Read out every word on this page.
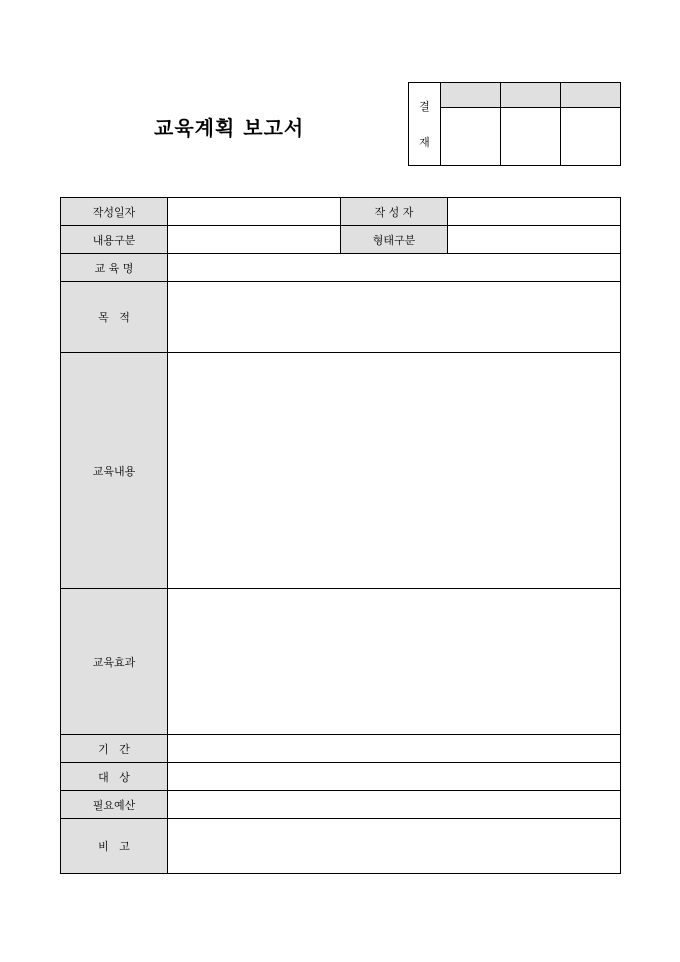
교육계획 보고서
결
재			

작성일자		작 성 자	
내용구분		형태구분	
교 육 명			
목   적			
교육내용			
교육효과			
기   간			
대   상			
필요예산			
비   고			
